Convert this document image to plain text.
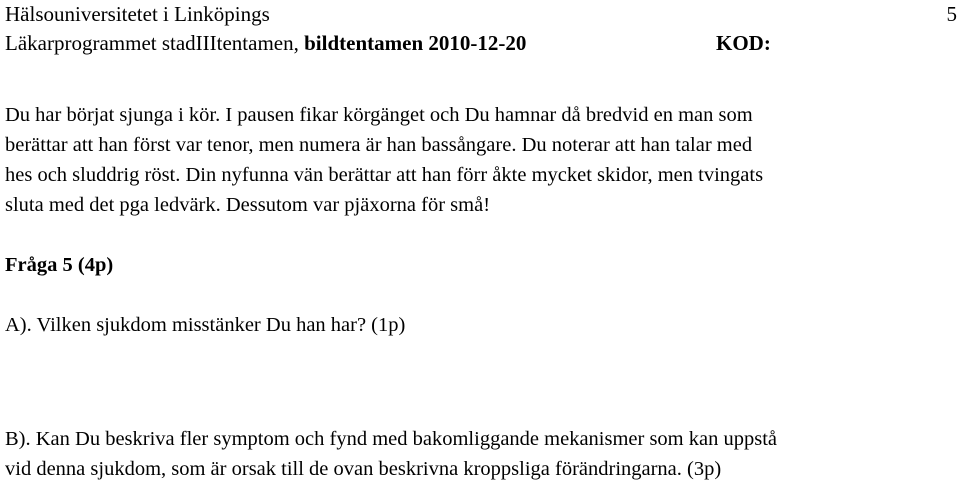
Hälsouniversitetet i Linköpings	5
Läkarprogrammet stadIIItentamen, bildtentamen 2010-12-20	KOD:
Du har börjat sjunga i kör. I pausen fikar körgänget och Du hamnar då bredvid en man som
berättar att han först var tenor, men numera är han bassångare. Du noterar att han talar med
hes och sluddrig röst. Din nyfunna vän berättar att han förr åkte mycket skidor, men tvingats
sluta med det pga ledvärk. Dessutom var pjäxorna för små!
Fråga 5 (4p)
A). Vilken sjukdom misstänker Du han har? (1p)
B). Kan Du beskriva fler symptom och fynd med bakomliggande mekanismer som kan uppstå
vid denna sjukdom, som är orsak till de ovan beskrivna kroppsliga förändringarna. (3p)
